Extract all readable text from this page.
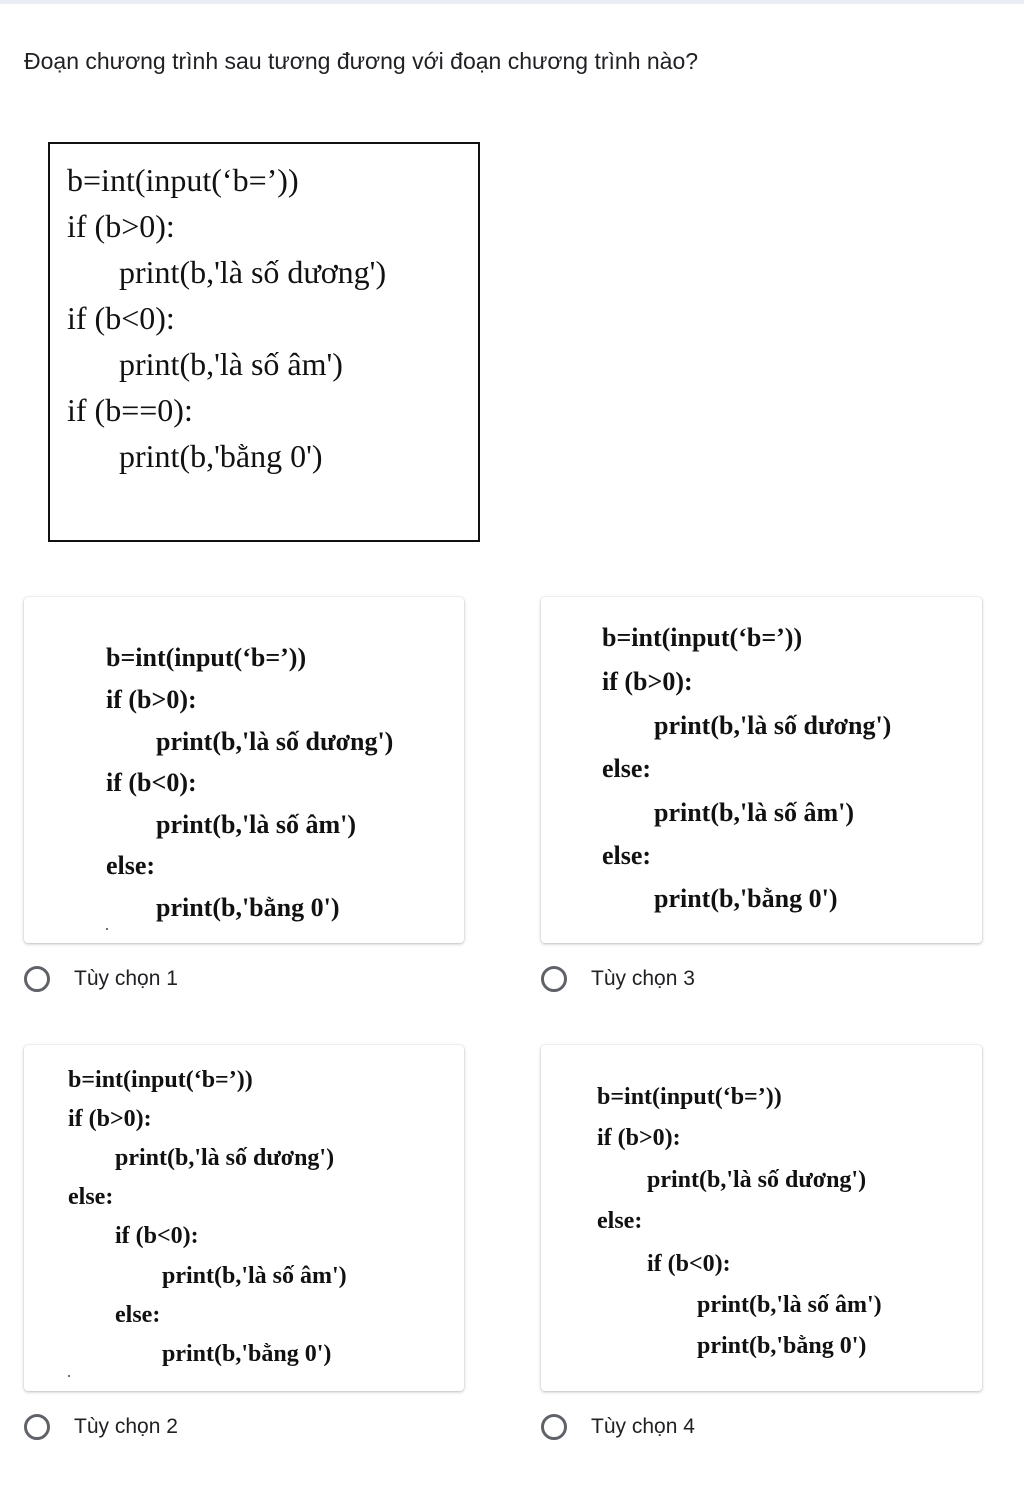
Đoạn chương trình sau tương đương với đoạn chương trình nào?
b=int(input(‘b=’))
if (b>0):
print(b,'là số dương')
if (b<0):
print(b,'là số âm')
if (b==0):
print(b,'bằng 0')
b=int(input(‘b=’))
if (b>0):
print(b,'là số dương')
if (b<0):
print(b,'là số âm')
else:
print(b,'bằng 0')
b=int(input(‘b=’))
if (b>0):
print(b,'là số dương')
else:
print(b,'là số âm')
else:
print(b,'bằng 0')
Tùy chọn 1	Tùy chọn 3
b=int(input(‘b=’))
if (b>0):
print(b,'là số dương')
else:
if (b<0):
print(b,'là số âm')
else:
print(b,'bằng 0')
b=int(input(‘b=’))
if (b>0):
print(b,'là số dương')
else:
if (b<0):
print(b,'là số âm')
print(b,'bằng 0')
Tùy chọn 2	Tùy chọn 4
